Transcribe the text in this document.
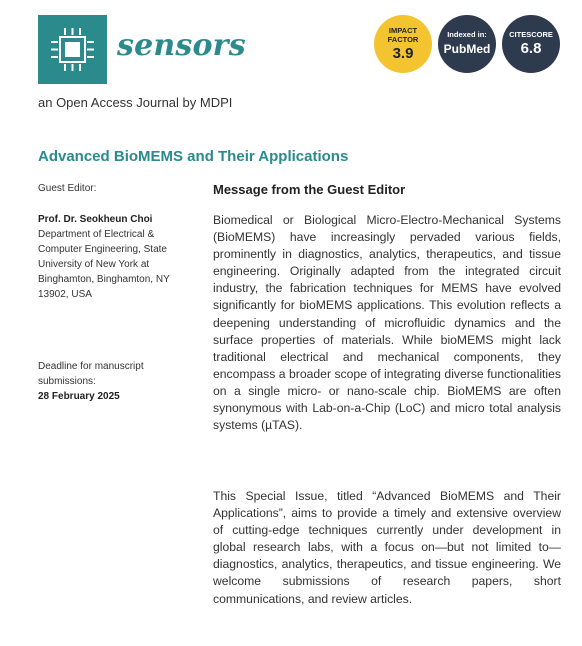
sensors
an Open Access Journal by MDPI
IMPACT
FACTOR
3.9
Indexed in:
PubMed
CITESCORE
6.8
Advanced BioMEMS and Their Applications
Guest Editor:
Prof. Dr. Seokheun Choi
Department of Electrical & Computer Engineering, State University of New York at Binghamton, Binghamton, NY 13902, USA
Deadline for manuscript submissions:
28 February 2025
Message from the Guest Editor

Biomedical or Biological Micro-Electro-Mechanical Systems (BioMEMS) have increasingly pervaded various fields, prominently in diagnostics, analytics, therapeutics, and tissue engineering. Originally adapted from the integrated circuit industry, the fabrication techniques for MEMS have evolved significantly for bioMEMS applications. This evolution reflects a deepening understanding of microfluidic dynamics and the surface properties of materials. While bioMEMS might lack traditional electrical and mechanical components, they encompass a broader scope of integrating diverse functionalities on a single micro- or nano-scale chip. BioMEMS are often synonymous with Lab-on-a-Chip (LoC) and micro total analysis systems (µTAS).

This Special Issue, titled “Advanced BioMEMS and Their Applications”, aims to provide a timely and extensive overview of cutting-edge techniques currently under development in global research labs, with a focus on—but not limited to—diagnostics, analytics, therapeutics, and tissue engineering. We welcome submissions of research papers, short communications, and review articles.
